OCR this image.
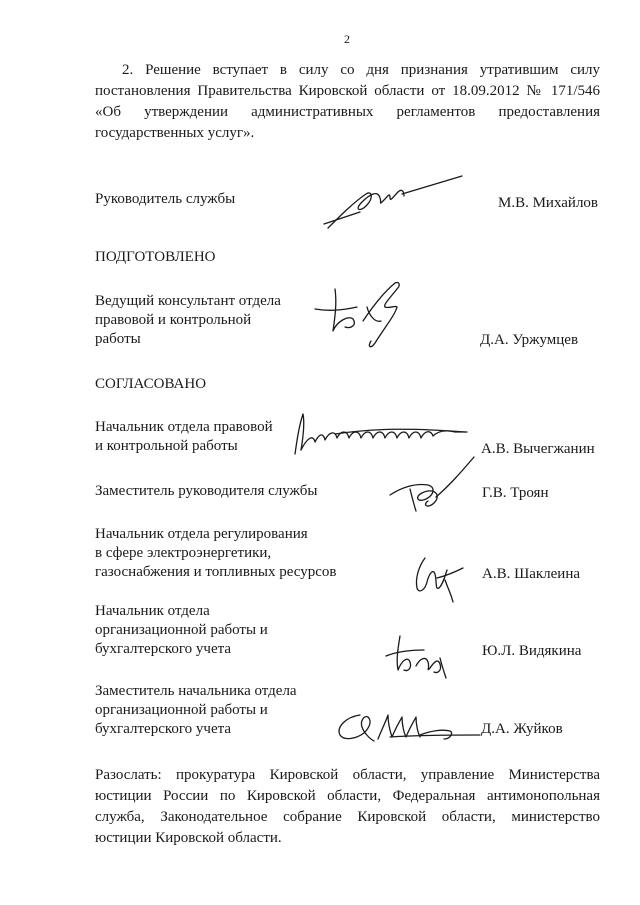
2
2. Решение вступает в силу со дня признания утратившим силу
постановления Правительства Кировской области от 18.09.2012 № 171/546
«Об утверждении административных регламентов предоставления
государственных услуг».
Руководитель службы	М.В. Михайлов
ПОДГОТОВЛЕНО
Ведущий консультант отдела
правовой и контрольной
работы	Д.А. Уржумцев
СОГЛАСОВАНО
Начальник отдела правовой
и контрольной работы	А.В. Вычегжанин
Заместитель руководителя службы	Г.В. Троян
Начальник отдела регулирования
в сфере электроэнергетики,
газоснабжения и топливных ресурсов	А.В. Шаклеина
Начальник отдела
организационной работы и
бухгалтерского учета	Ю.Л. Видякина
Заместитель начальника отдела
организационной работы и
бухгалтерского учета	Д.А. Жуйков
Разослать: прокуратура Кировской области, управление Министерства
юстиции России по Кировской области, Федеральная антимонопольная
служба, Законодательное собрание Кировской области, министерство
юстиции Кировской области.
